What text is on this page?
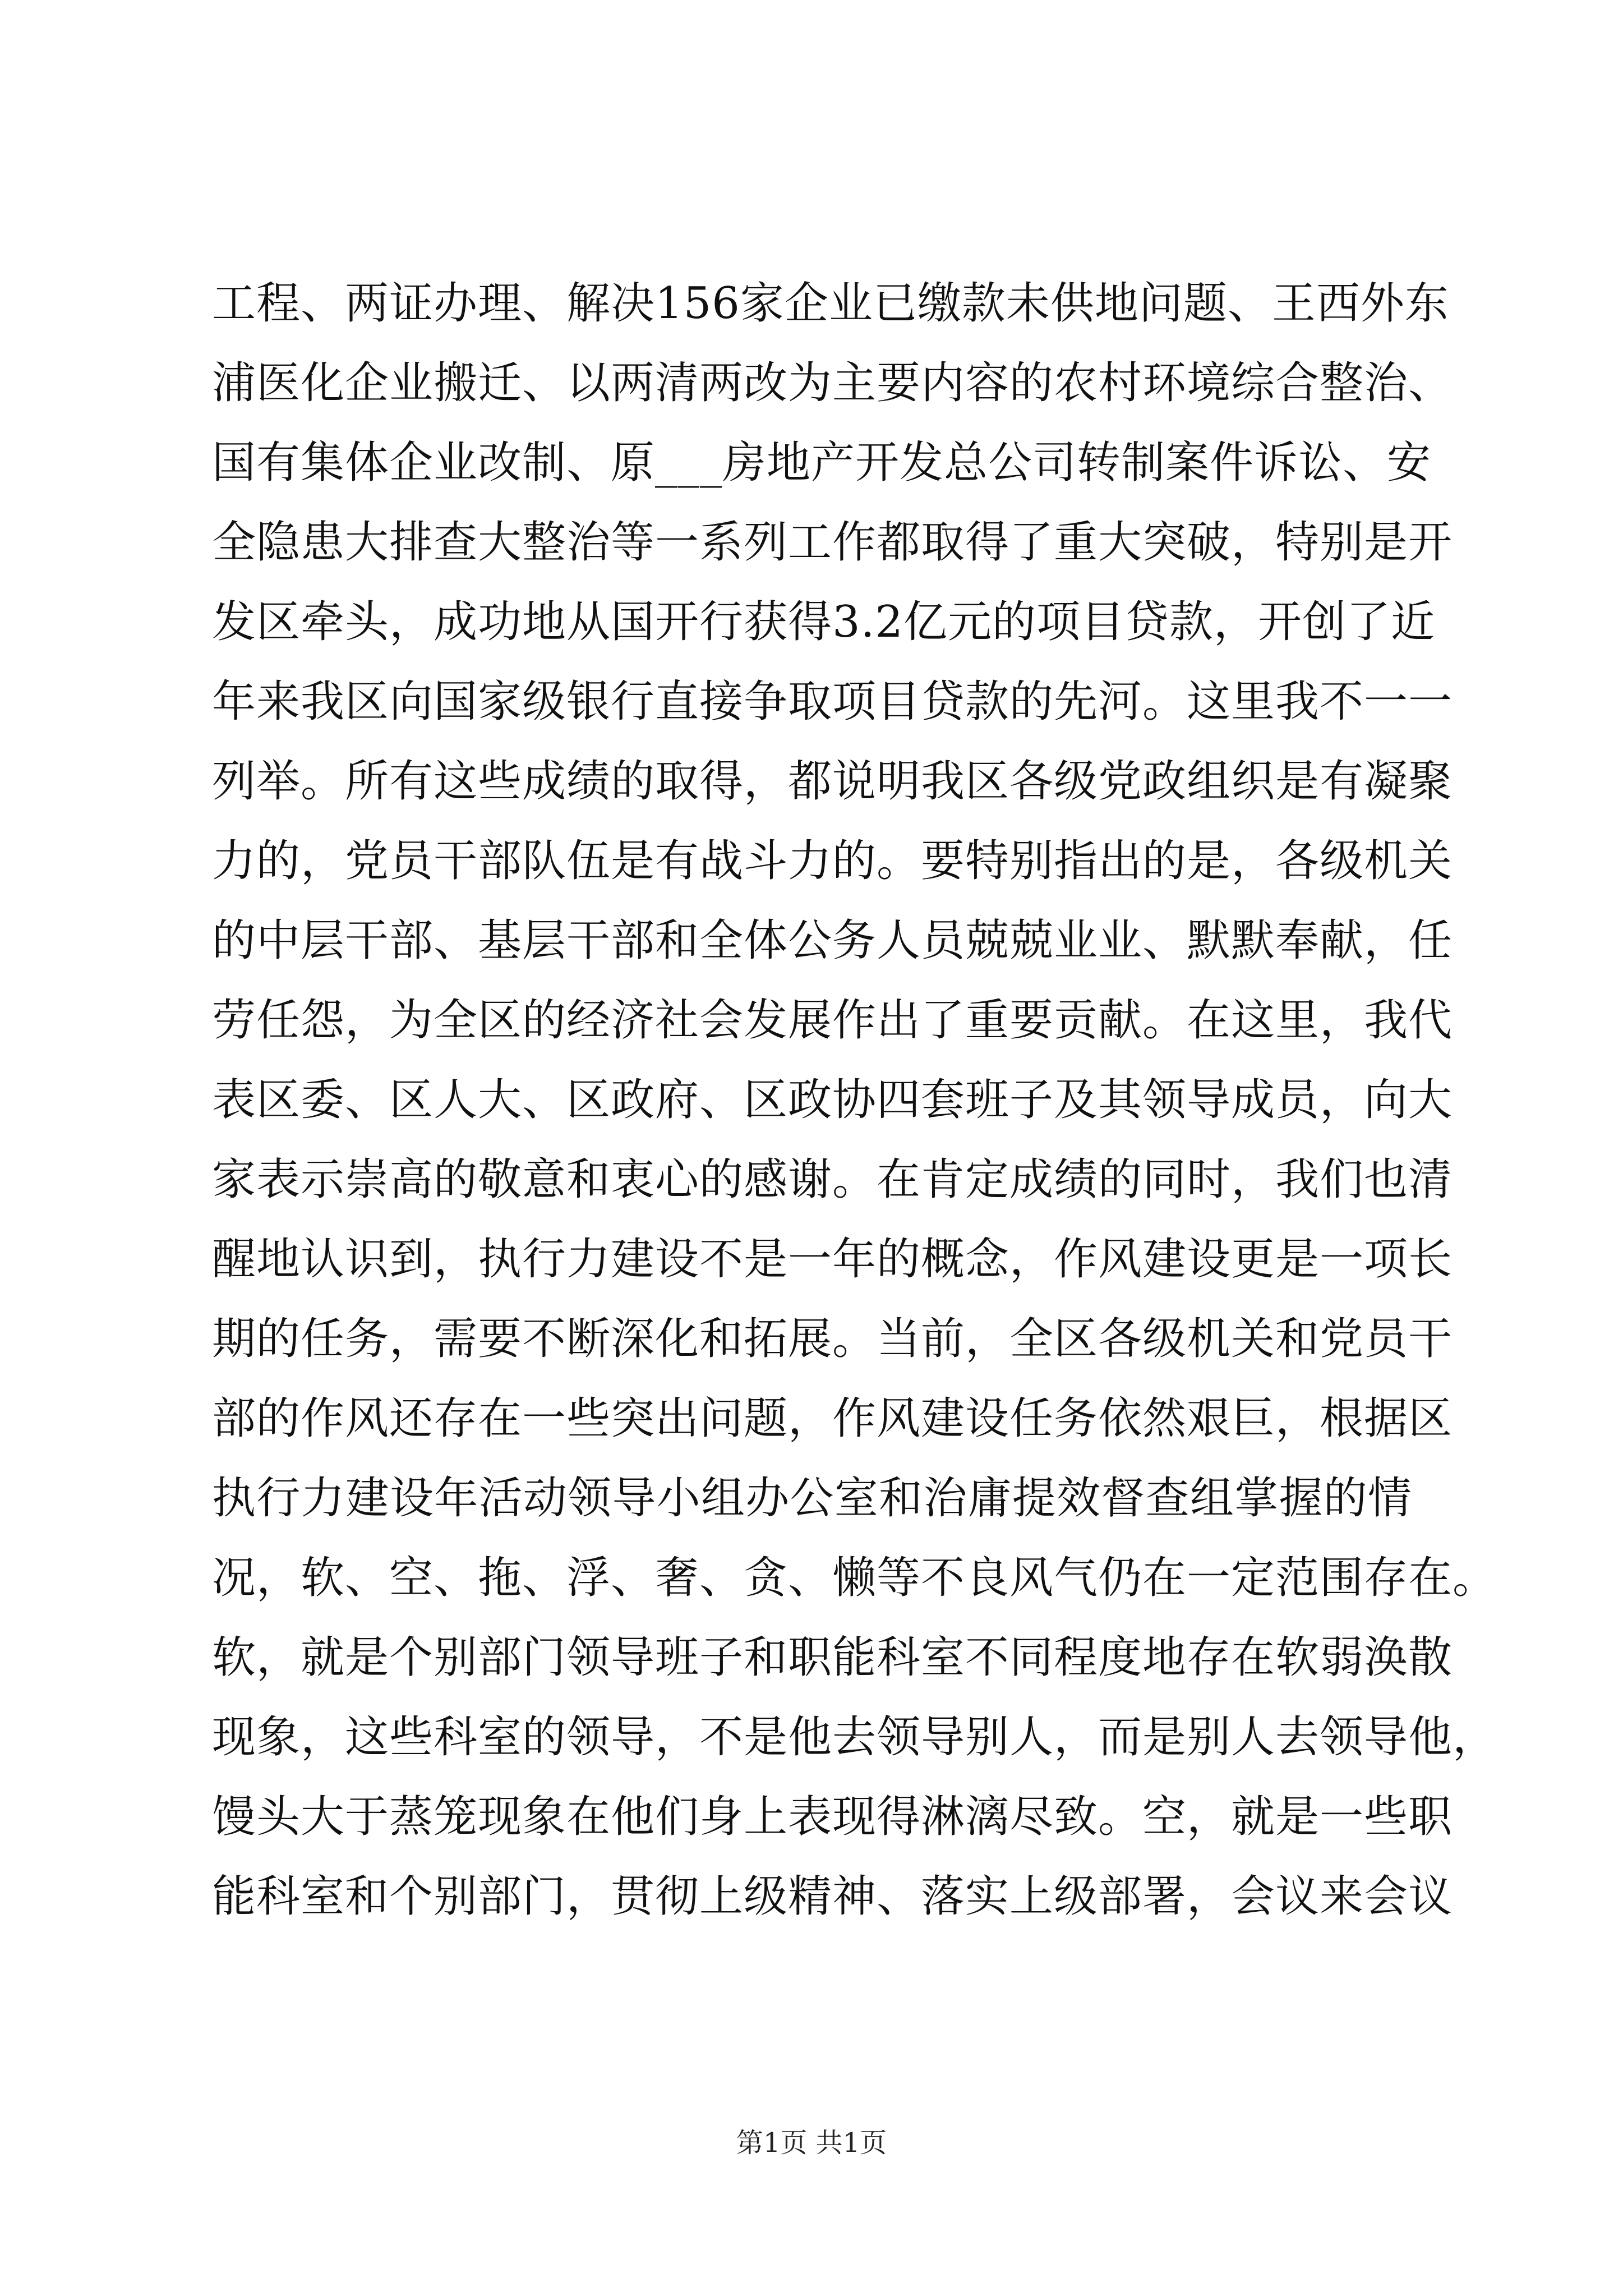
工程、两证办理、解决156家企业已缴款未供地问题、王西外东
浦医化企业搬迁、以两清两改为主要内容的农村环境综合整治、
国有集体企业改制、原___房地产开发总公司转制案件诉讼、安
全隐患大排查大整治等一系列工作都取得了重大突破，特别是开
发区牵头，成功地从国开行获得3.2亿元的项目贷款，开创了近
年来我区向国家级银行直接争取项目贷款的先河。这里我不一一
列举。所有这些成绩的取得，都说明我区各级党政组织是有凝聚
力的，党员干部队伍是有战斗力的。要特别指出的是，各级机关
的中层干部、基层干部和全体公务人员兢兢业业、默默奉献，任
劳任怨，为全区的经济社会发展作出了重要贡献。在这里，我代
表区委、区人大、区政府、区政协四套班子及其领导成员，向大
家表示崇高的敬意和衷心的感谢。在肯定成绩的同时，我们也清
醒地认识到，执行力建设不是一年的概念，作风建设更是一项长
期的任务，需要不断深化和拓展。当前，全区各级机关和党员干
部的作风还存在一些突出问题，作风建设任务依然艰巨，根据区
执行力建设年活动领导小组办公室和治庸提效督查组掌握的情
况，软、空、拖、浮、奢、贪、懒等不良风气仍在一定范围存在。
软，就是个别部门领导班子和职能科室不同程度地存在软弱涣散
现象，这些科室的领导，不是他去领导别人，而是别人去领导他，
馒头大于蒸笼现象在他们身上表现得淋漓尽致。空，就是一些职
能科室和个别部门，贯彻上级精神、落实上级部署，会议来会议
第1页 共1页
